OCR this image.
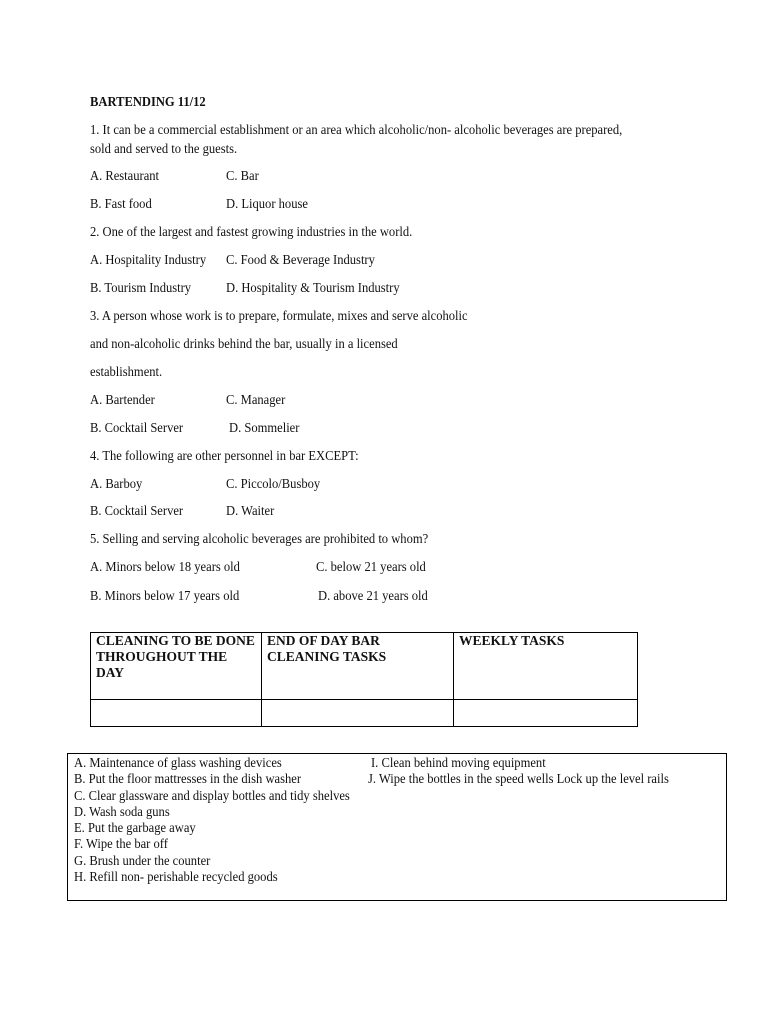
BARTENDING 11/12
1. It can be a commercial establishment or an area which alcoholic/non- alcoholic beverages are prepared,
sold and served to the guests.
A. Restaurant	C. Bar
B. Fast food	D. Liquor house
2. One of the largest and fastest growing industries in the world.
A. Hospitality Industry C. Food & Beverage Industry
B. Tourism Industry	D. Hospitality & Tourism Industry
3. A person whose work is to prepare, formulate, mixes and serve alcoholic
and non-alcoholic drinks behind the bar, usually in a licensed
establishment.
A. Bartender	C. Manager
B. Cocktail Server	D. Sommelier
4. The following are other personnel in bar EXCEPT:
A. Barboy	C. Piccolo/Busboy
B. Cocktail Server	D. Waiter
5. Selling and serving alcoholic beverages are prohibited to whom?
A. Minors below 18 years old	C. below 21 years old
B. Minors below 17 years old	D. above 21 years old
CLEANING TO BE DONE THROUGHOUT THE DAY	END OF DAY BAR CLEANING TASKS	WEEKLY TASKS

A. Maintenance of glass washing devices
B. Put the floor mattresses in the dish washer
C. Clear glassware and display bottles and tidy shelves
D. Wash soda guns
E. Put the garbage away
F. Wipe the bar off
G. Brush under the counter
H. Refill non- perishable recycled goods
I. Clean behind moving equipment
J. Wipe the bottles in the speed wells Lock up the level rails
